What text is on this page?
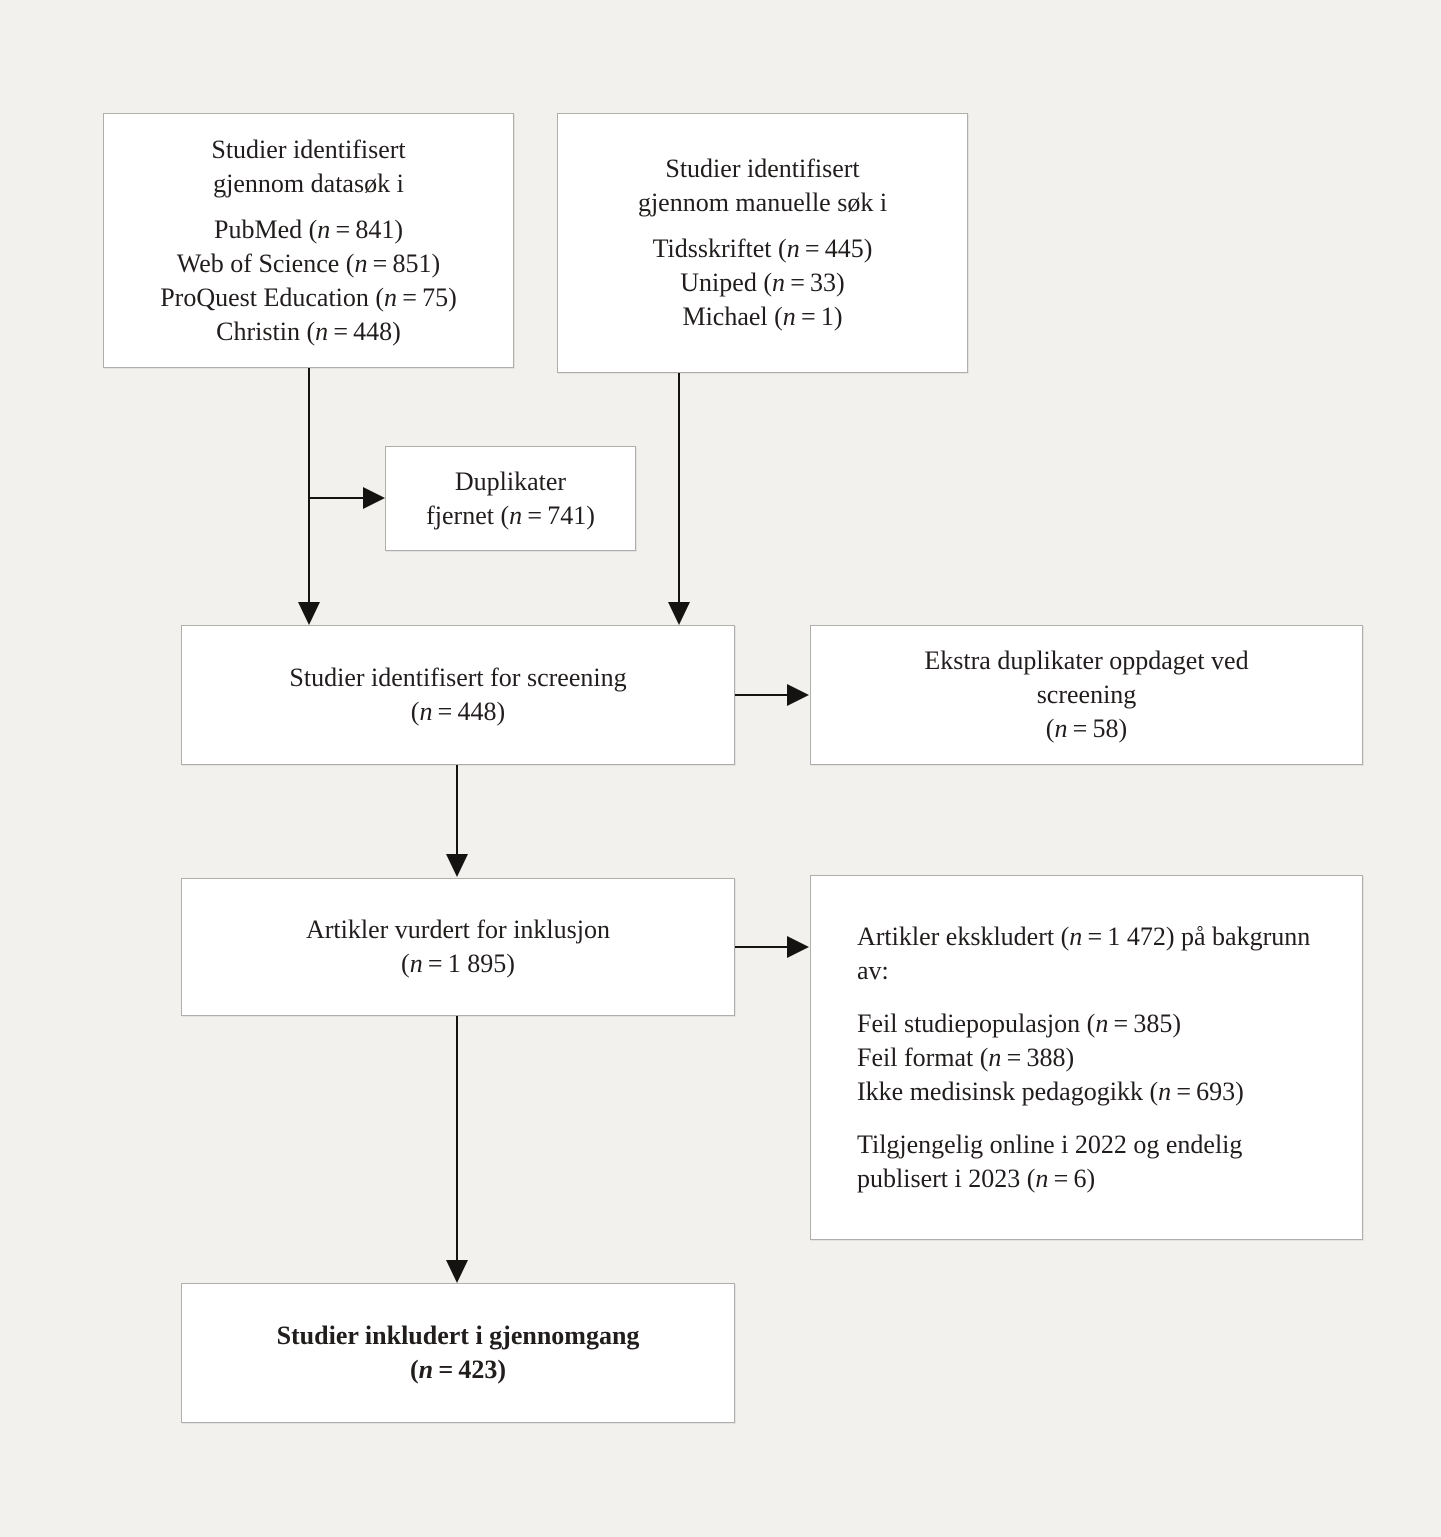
Studier identifisert
gjennom datasøk i
PubMed (n = 841)
Web of Science (n = 851)
ProQuest Education (n = 75)
Christin (n = 448)
Studier identifisert
gjennom manuelle søk i
Tidsskriftet (n = 445)
Uniped (n = 33)
Michael (n = 1)
Duplikater
fjernet (n = 741)
Studier identifisert for screening
(n = 448)
Ekstra duplikater oppdaget ved
screening
(n = 58)
Artikler vurdert for inklusjon
(n = 1 895)
Artikler ekskludert (n = 1 472) på bakgrunn av:
Feil studiepopulasjon (n = 385)
Feil format (n = 388)
Ikke medisinsk pedagogikk (n = 693)
Tilgjengelig online i 2022 og endelig publisert i 2023 (n = 6)
Studier inkludert i gjennomgang
(n = 423)
